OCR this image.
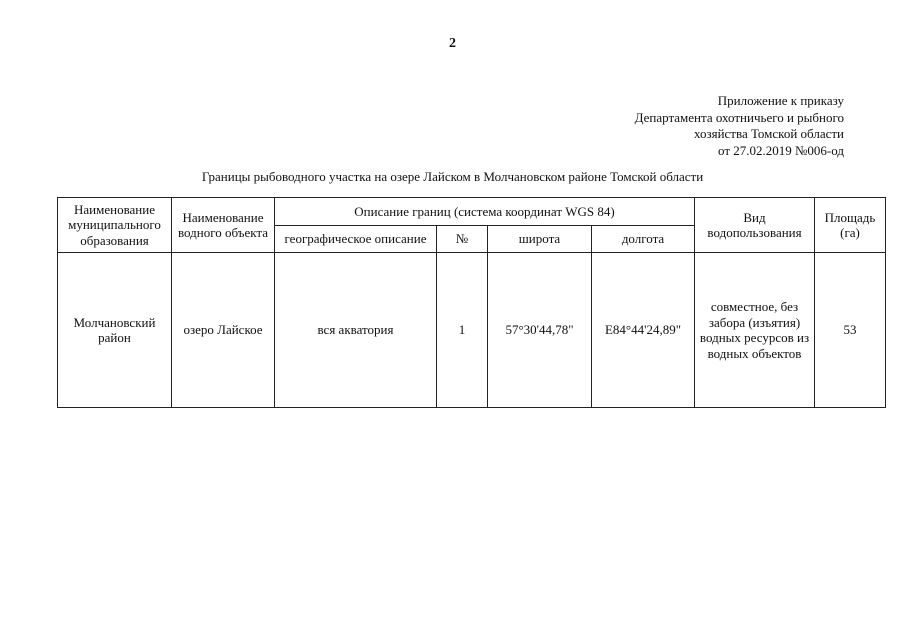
2
Приложение к приказу
Департамента охотничьего и рыбного
хозяйства Томской области
от 27.02.2019 №006-од
Границы рыбоводного участка на озере Лайском в Молчановском районе Томской области
Наименование муниципального образования	Наименование водного объекта	Описание границ (система координат WGS 84)				Вид водопользования	Площадь (га)
		географическое описание	№	широта	долгота		
Молчановский район	озеро Лайское	вся акватория	1	57°30'44,78"	E84°44'24,89"	совместное, без забора (изъятия) водных ресурсов из водных объектов	53
